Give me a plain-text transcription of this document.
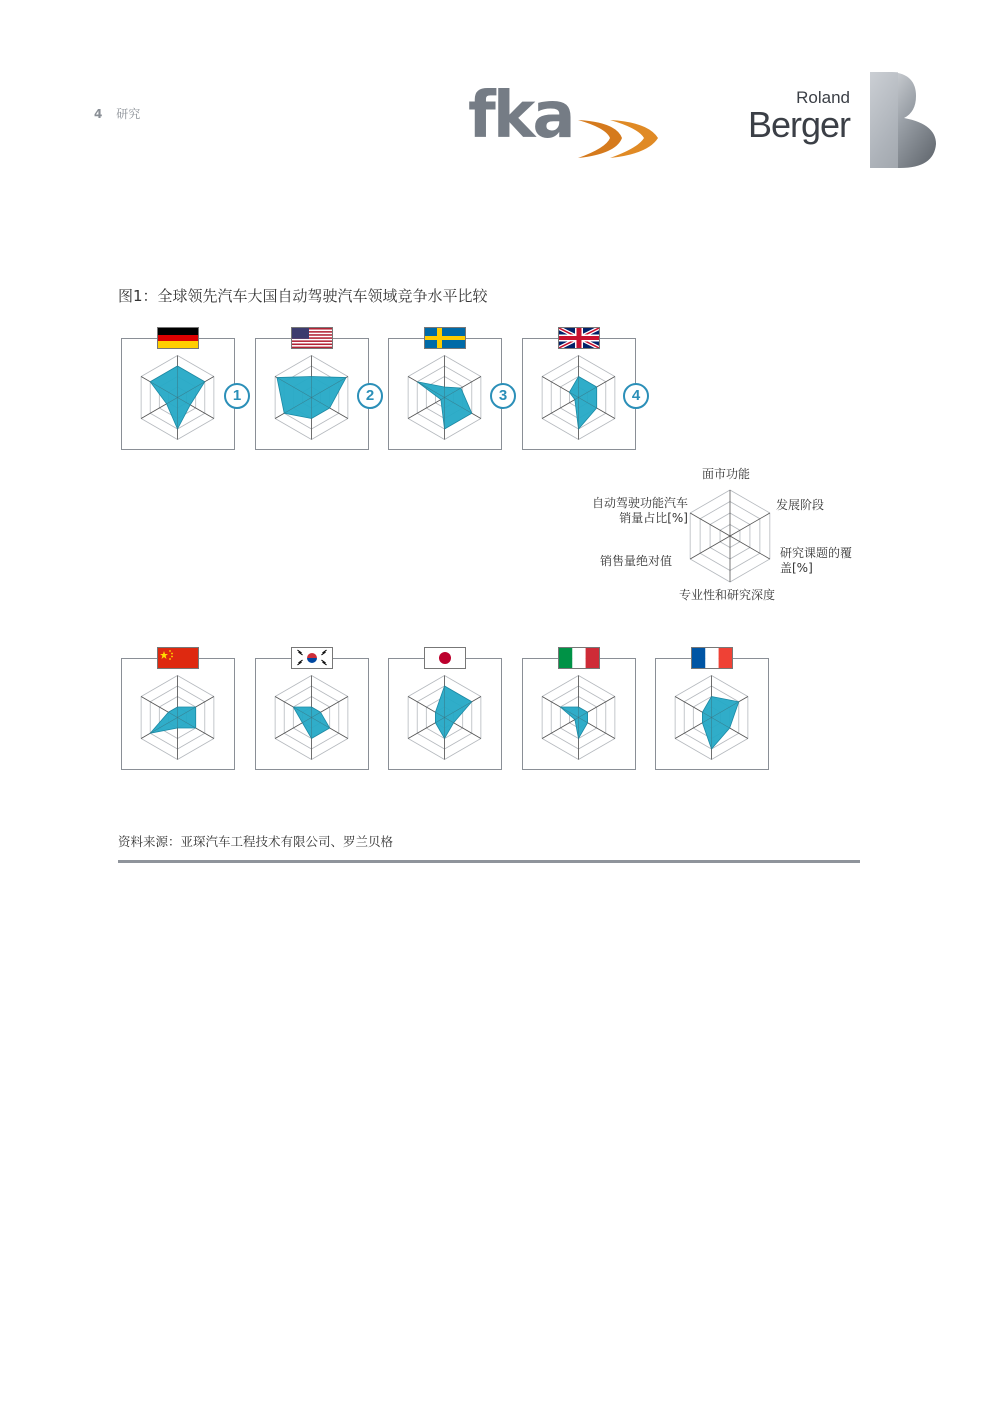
4 研究	fka	Roland
Berger
图1：全球领先汽车大国自动驾驶汽车领域竞争水平比较
1	2	3	4
面市功能
发展阶段
研究课题的覆盖[%]
专业性和研究深度
销售量绝对值
自动驾驶功能汽车销量占比[%]
资料来源：亚琛汽车工程技术有限公司、罗兰贝格
